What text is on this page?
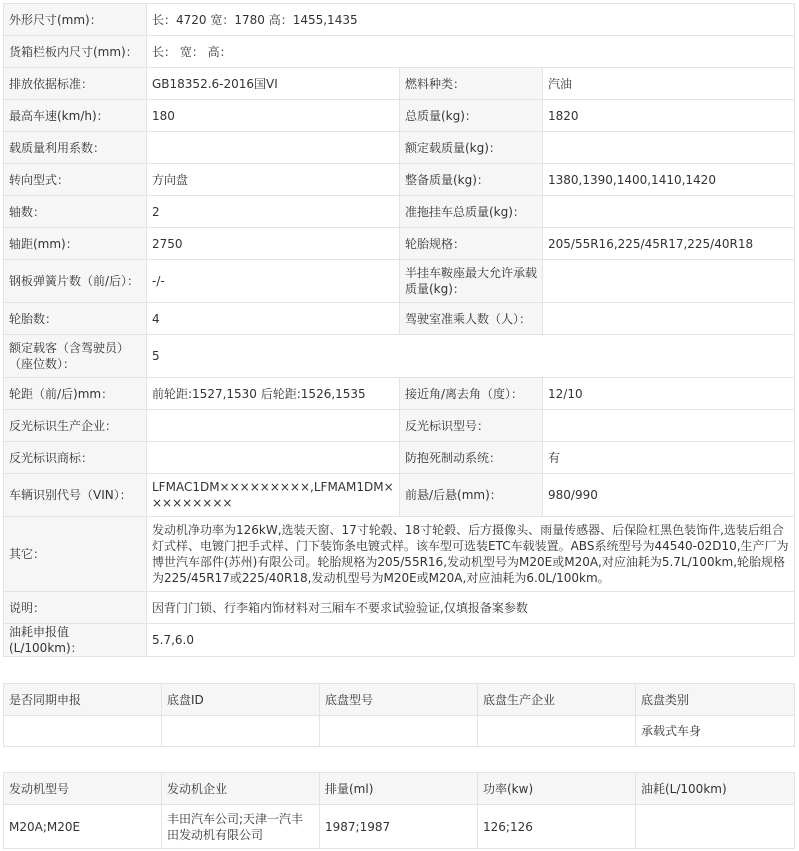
外形尺寸(mm)：	长：4720 宽：1780 高：1455,1435		
货箱栏板内尺寸(mm)：	长： 宽： 高：		
排放依据标准：	GB18352.6-2016国VI	燃料种类：	汽油
最高车速(km/h)：	180	总质量(kg)：	1820
载质量利用系数：		额定载质量(kg)：	
转向型式：	方向盘	整备质量(kg)：	1380,1390,1400,1410,1420
轴数：	2	准拖挂车总质量(kg)：	
轴距(mm)：	2750	轮胎规格：	205/55R16,225/45R17,225/40R18
钢板弹簧片数（前/后）：	-/-	半挂车鞍座最大允许承载质量(kg)：	
轮胎数：	4	驾驶室准乘人数（人）：	
额定载客（含驾驶员）（座位数）：	5		
轮距（前/后)mm：	前轮距:1527,1530 后轮距:1526,1535	接近角/离去角（度）：	12/10
反光标识生产企业：		反光标识型号：	
反光标识商标：		防抱死制动系统：	有
车辆识别代号（VIN）：	LFMAC1DM×××××××××,LFMAM1DM×××××××××	前悬/后悬(mm)：	980/990
其它：	发动机净功率为126kW,选装天窗、17寸轮毂、18寸轮毂、后方摄像头、雨量传感器、后保险杠黑色装饰件,选装后组合灯式样、电镀门把手式样、门下装饰条电镀式样。该车型可选装ETC车载装置。ABS系统型号为44540-02D10,生产厂为博世汽车部件(苏州)有限公司。轮胎规格为205/55R16,发动机型号为M20E或M20A,对应油耗为5.7L/100km,轮胎规格为225/45R17或225/40R18,发动机型号为M20E或M20A,对应油耗为6.0L/100km。		
说明：	因背门门锁、行李箱内饰材料对三厢车不要求试验验证,仅填报备案参数		
油耗申报值(L/100km)：	5.7,6.0		
是否同期申报	底盘ID	底盘型号	底盘生产企业	底盘类别
				承载式车身
发动机型号	发动机企业	排量(ml)	功率(kw)	油耗(L/100km)
M20A;M20E	丰田汽车公司;天津一汽丰田发动机有限公司	1987;1987	126;126	
